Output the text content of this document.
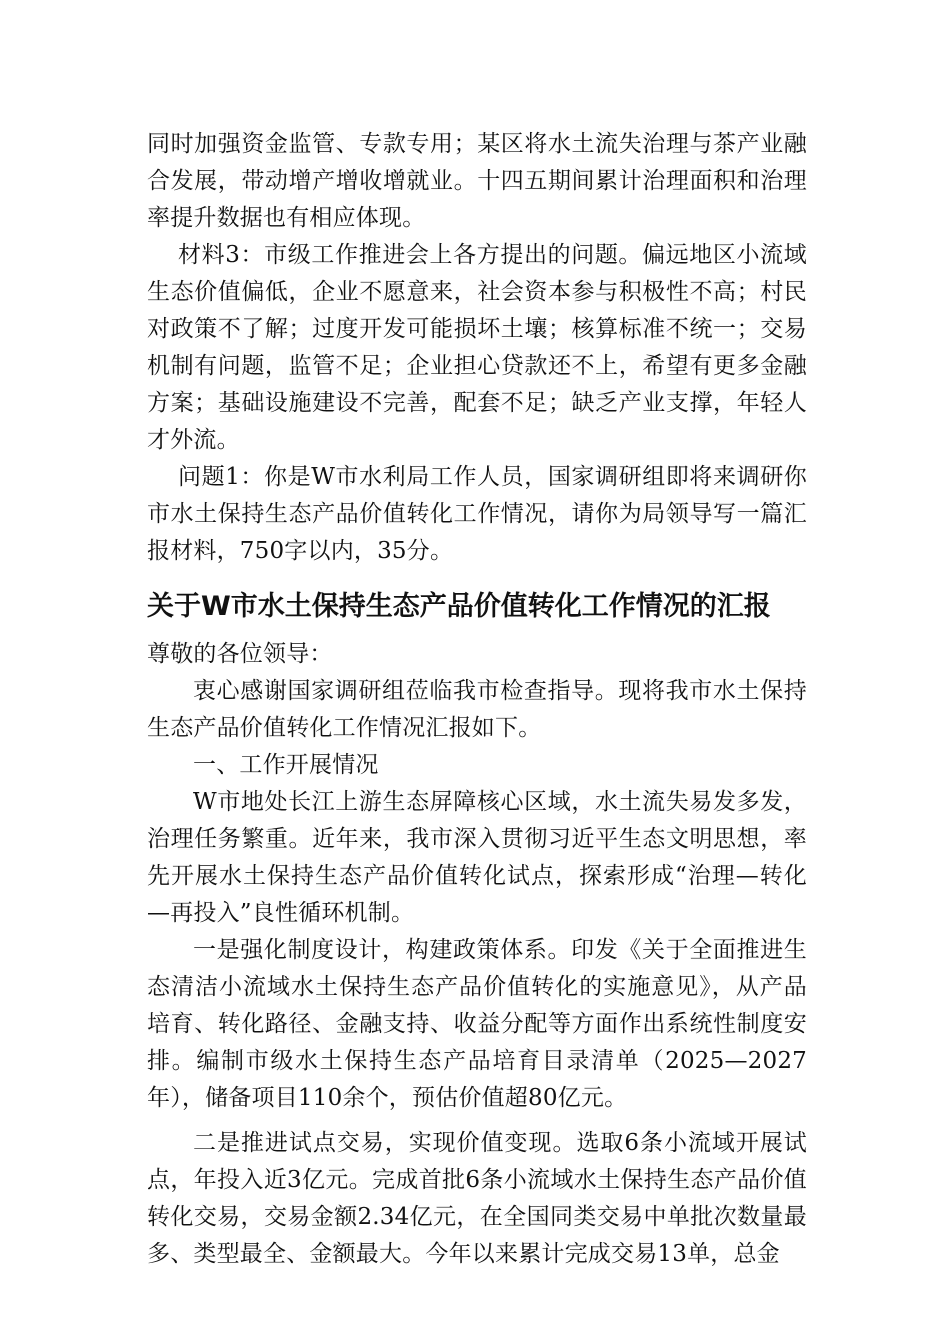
同时加强资金监管、专款专用；某区将水土流失治理与茶产业融合发展，带动增产增收增就业。十四五期间累计治理面积和治理率提升数据也有相应体现。

材料3：市级工作推进会上各方提出的问题。偏远地区小流域生态价值偏低，企业不愿意来，社会资本参与积极性不高；村民对政策不了解；过度开发可能损坏土壤；核算标准不统一；交易机制有问题，监管不足；企业担心贷款还不上，希望有更多金融方案；基础设施建设不完善，配套不足；缺乏产业支撑，年轻人才外流。

问题1：你是W市水利局工作人员，国家调研组即将来调研你市水土保持生态产品价值转化工作情况，请你为局领导写一篇汇报材料，750字以内，35分。

关于W市水土保持生态产品价值转化工作情况的汇报

尊敬的各位领导：

衷心感谢国家调研组莅临我市检查指导。现将我市水土保持生态产品价值转化工作情况汇报如下。

一、工作开展情况

W市地处长江上游生态屏障核心区域，水土流失易发多发，治理任务繁重。近年来，我市深入贯彻习近平生态文明思想，率先开展水土保持生态产品价值转化试点，探索形成“治理—转化—再投入”良性循环机制。

一是强化制度设计，构建政策体系。印发《关于全面推进生态清洁小流域水土保持生态产品价值转化的实施意见》，从产品培育、转化路径、金融支持、收益分配等方面作出系统性制度安排。编制市级水土保持生态产品培育目录清单（2025—2027年），储备项目110余个，预估价值超80亿元。

二是推进试点交易，实现价值变现。选取6条小流域开展试点，年投入近3亿元。完成首批6条小流域水土保持生态产品价值转化交易，交易金额2.34亿元，在全国同类交易中单批次数量最多、类型最全、金额最大。今年以来累计完成交易13单，总金
